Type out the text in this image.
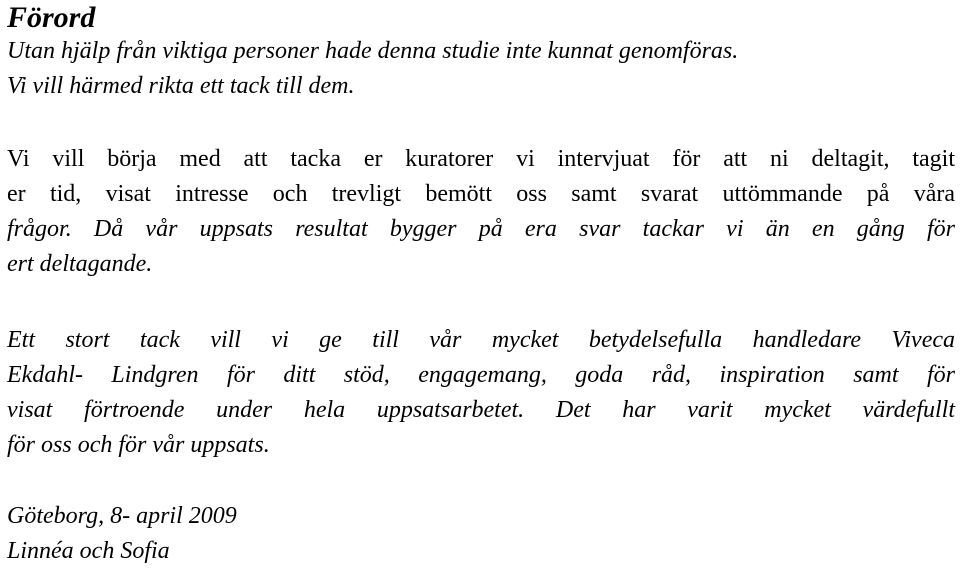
Förord

Utan hjälp från viktiga personer hade denna studie inte kunnat genomföras.
Vi vill härmed rikta ett tack till dem.

Vi vill börja med att tacka er kuratorer vi intervjuat för att ni deltagit, tagit
er tid, visat intresse och trevligt bemött oss samt svarat uttömmande på våra
frågor. Då vår uppsats resultat bygger på era svar tackar vi än en gång för
ert deltagande.

Ett stort tack vill vi ge till vår mycket betydelsefulla handledare Viveca
Ekdahl- Lindgren för ditt stöd, engagemang, goda råd, inspiration samt för
visat förtroende under hela uppsatsarbetet. Det har varit mycket värdefullt
för oss och för vår uppsats.

Göteborg, 8- april 2009
Linnéa och Sofia
